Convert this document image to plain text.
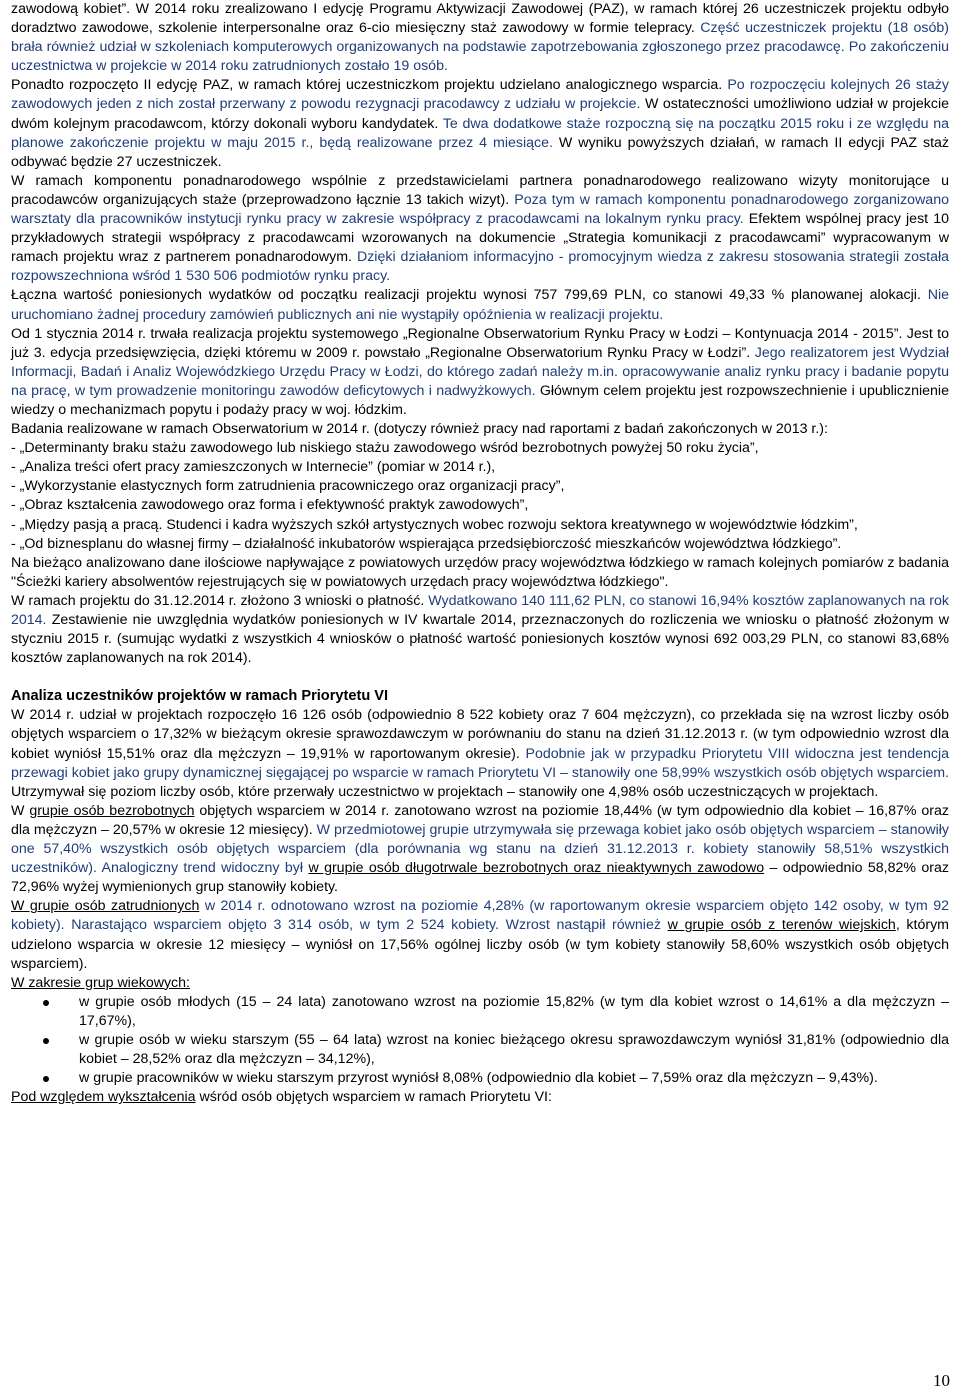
zawodową kobiet”. W 2014 roku zrealizowano I edycję Programu Aktywizacji Zawodowej (PAZ), w ramach której 26 uczestniczek projektu odbyło doradztwo zawodowe, szkolenie interpersonalne oraz 6-cio miesięczny staż zawodowy w formie telepracy. Część uczestniczek projektu (18 osób) brała również udział w szkoleniach komputerowych organizowanych na podstawie zapotrzebowania zgłoszonego przez pracodawcę. Po zakończeniu uczestnictwa w projekcie w 2014 roku zatrudnionych zostało 19 osób.

Ponadto rozpoczęto II edycję PAZ, w ramach której uczestniczkom projektu udzielano analogicznego wsparcia. Po rozpoczęciu kolejnych 26 staży zawodowych jeden z nich został przerwany z powodu rezygnacji pracodawcy z udziału w projekcie. W ostateczności umożliwiono udział w projekcie dwóm kolejnym pracodawcom, którzy dokonali wyboru kandydatek. Te dwa dodatkowe staże rozpoczną się na początku 2015 roku i ze względu na planowe zakończenie projektu w maju 2015 r., będą realizowane przez 4 miesiące. W wyniku powyższych działań, w ramach II edycji PAZ staż odbywać będzie 27 uczestniczek.

W ramach komponentu ponadnarodowego wspólnie z przedstawicielami partnera ponadnarodowego realizowano wizyty monitorujące u pracodawców organizujących staże (przeprowadzono łącznie 13 takich wizyt). Poza tym w ramach komponentu ponadnarodowego zorganizowano warsztaty dla pracowników instytucji rynku pracy w zakresie współpracy z pracodawcami na lokalnym rynku pracy. Efektem wspólnej pracy jest 10 przykładowych strategii współpracy z pracodawcami wzorowanych na dokumencie „Strategia komunikacji z pracodawcami” wypracowanym w ramach projektu wraz z partnerem ponadnarodowym. Dzięki działaniom informacyjno - promocyjnym wiedza z zakresu stosowania strategii została rozpowszechniona wśród 1 530 506 podmiotów rynku pracy.

Łączna wartość poniesionych wydatków od początku realizacji projektu wynosi 757 799,69 PLN, co stanowi 49,33 % planowanej alokacji. Nie uruchomiano żadnej procedury zamówień publicznych ani nie wystąpiły opóźnienia w realizacji projektu.

Od 1 stycznia 2014 r. trwała realizacja projektu systemowego „Regionalne Obserwatorium Rynku Pracy w Łodzi – Kontynuacja 2014 - 2015”. Jest to już 3. edycja przedsięwzięcia, dzięki któremu w 2009 r. powstało „Regionalne Obserwatorium Rynku Pracy w Łodzi”. Jego realizatorem jest Wydział Informacji, Badań i Analiz Wojewódzkiego Urzędu Pracy w Łodzi, do którego zadań należy m.in. opracowywanie analiz rynku pracy i badanie popytu na pracę, w tym prowadzenie monitoringu zawodów deficytowych i nadwyżkowych. Głównym celem projektu jest rozpowszechnienie i upublicznienie wiedzy o mechanizmach popytu i podaży pracy w woj. łódzkim.

Badania realizowane w ramach Obserwatorium w 2014 r. (dotyczy również pracy nad raportami z badań zakończonych w 2013 r.):

- „Determinanty braku stażu zawodowego lub niskiego stażu zawodowego wśród bezrobotnych powyżej 50 roku życia”,

- „Analiza treści ofert pracy zamieszczonych w Internecie” (pomiar w 2014 r.),

- „Wykorzystanie elastycznych form zatrudnienia pracowniczego oraz organizacji pracy”,

- „Obraz kształcenia zawodowego oraz forma i efektywność praktyk zawodowych”,

- „Między pasją a pracą. Studenci i kadra wyższych szkół artystycznych wobec rozwoju sektora kreatywnego w województwie łódzkim”,

- „Od biznesplanu do własnej firmy – działalność inkubatorów wspierająca przedsiębiorczość mieszkańców województwa łódzkiego”.

Na bieżąco analizowano dane ilościowe napływające z powiatowych urzędów pracy województwa łódzkiego w ramach kolejnych pomiarów z badania "Ścieżki kariery absolwentów rejestrujących się w powiatowych urzędach pracy województwa łódzkiego".

W ramach projektu do 31.12.2014 r. złożono 3 wnioski o płatność. Wydatkowano 140 111,62 PLN, co stanowi 16,94% kosztów zaplanowanych na rok 2014. Zestawienie nie uwzględnia wydatków poniesionych w IV kwartale 2014, przeznaczonych do rozliczenia we wniosku o płatność złożonym w styczniu 2015 r. (sumując wydatki z wszystkich 4 wniosków o płatność wartość poniesionych kosztów wynosi 692 003,29 PLN, co stanowi 83,68% kosztów zaplanowanych na rok 2014).

Analiza uczestników projektów w ramach Priorytetu VI

W 2014 r. udział w projektach rozpoczęło 16 126 osób (odpowiednio 8 522 kobiety oraz 7 604 mężczyzn), co przekłada się na wzrost liczby osób objętych wsparciem o 17,32% w bieżącym okresie sprawozdawczym w porównaniu do stanu na dzień 31.12.2013 r. (w tym odpowiednio wzrost dla kobiet wyniósł 15,51% oraz dla mężczyzn – 19,91% w raportowanym okresie). Podobnie jak w przypadku Priorytetu VIII widoczna jest tendencja przewagi kobiet jako grupy dynamicznej sięgającej po wsparcie w ramach Priorytetu VI – stanowiły one 58,99% wszystkich osób objętych wsparciem. Utrzymywał się poziom liczby osób, które przerwały uczestnictwo w projektach – stanowiły one 4,98% osób uczestniczących w projektach.

W grupie osób bezrobotnych objętych wsparciem w 2014 r. zanotowano wzrost na poziomie 18,44% (w tym odpowiednio dla kobiet – 16,87% oraz dla mężczyzn – 20,57% w okresie 12 miesięcy). W przedmiotowej grupie utrzymywała się przewaga kobiet jako osób objętych wsparciem – stanowiły one 57,40% wszystkich osób objętych wsparciem (dla porównania wg stanu na dzień 31.12.2013 r. kobiety stanowiły 58,51% wszystkich uczestników). Analogiczny trend widoczny był w grupie osób długotrwale bezrobotnych oraz nieaktywnych zawodowo – odpowiednio 58,82% oraz 72,96% wyżej wymienionych grup stanowiły kobiety.

W grupie osób zatrudnionych w 2014 r. odnotowano wzrost na poziomie 4,28% (w raportowanym okresie wsparciem objęto 142 osoby, w tym 92 kobiety). Narastająco wsparciem objęto 3 314 osób, w tym 2 524 kobiety. Wzrost nastąpił również w grupie osób z terenów wiejskich, którym udzielono wsparcia w okresie 12 miesięcy – wyniósł on 17,56% ogólnej liczby osób (w tym kobiety stanowiły 58,60% wszystkich osób objętych wsparciem).

W zakresie grup wiekowych:

w grupie osób młodych (15 – 24 lata) zanotowano wzrost na poziomie 15,82% (w tym dla kobiet wzrost o 14,61% a dla mężczyzn – 17,67%),
w grupie osób w wieku starszym (55 – 64 lata) wzrost na koniec bieżącego okresu sprawozdawczym wyniósł 31,81% (odpowiednio dla kobiet – 28,52% oraz dla mężczyzn – 34,12%),
w grupie pracowników w wieku starszym przyrost wyniósł 8,08% (odpowiednio dla kobiet – 7,59% oraz dla mężczyzn – 9,43%).

Pod względem wykształcenia wśród osób objętych wsparciem w ramach Priorytetu VI:

10
